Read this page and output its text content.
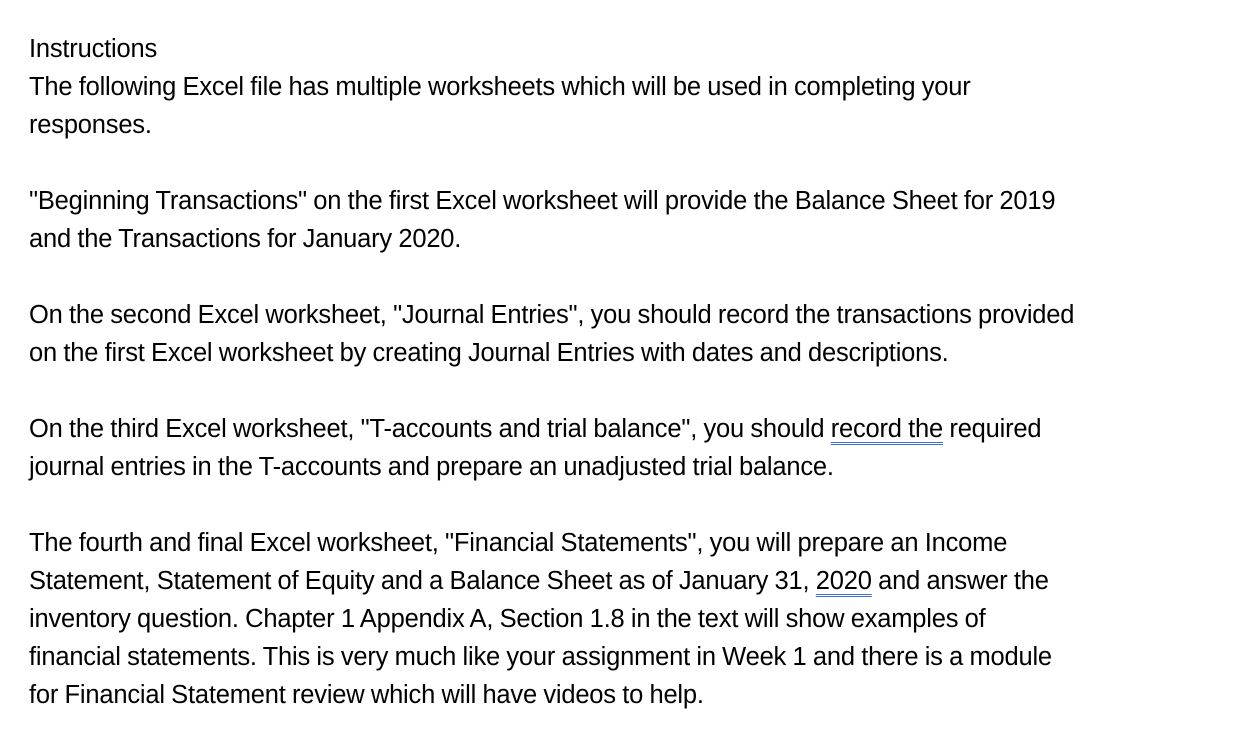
Instructions
The following Excel file has multiple worksheets which will be used in completing your
responses.
"Beginning Transactions" on the first Excel worksheet will provide the Balance Sheet for 2019
and the Transactions for January 2020.
On the second Excel worksheet, "Journal Entries", you should record the transactions provided
on the first Excel worksheet by creating Journal Entries with dates and descriptions.
On the third Excel worksheet, "T-accounts and trial balance", you should record the required
journal entries in the T-accounts and prepare an unadjusted trial balance.
The fourth and final Excel worksheet, "Financial Statements", you will prepare an Income
Statement, Statement of Equity and a Balance Sheet as of January 31, 2020 and answer the
inventory question. Chapter 1 Appendix A, Section 1.8 in the text will show examples of
financial statements. This is very much like your assignment in Week 1 and there is a module
for Financial Statement review which will have videos to help.
